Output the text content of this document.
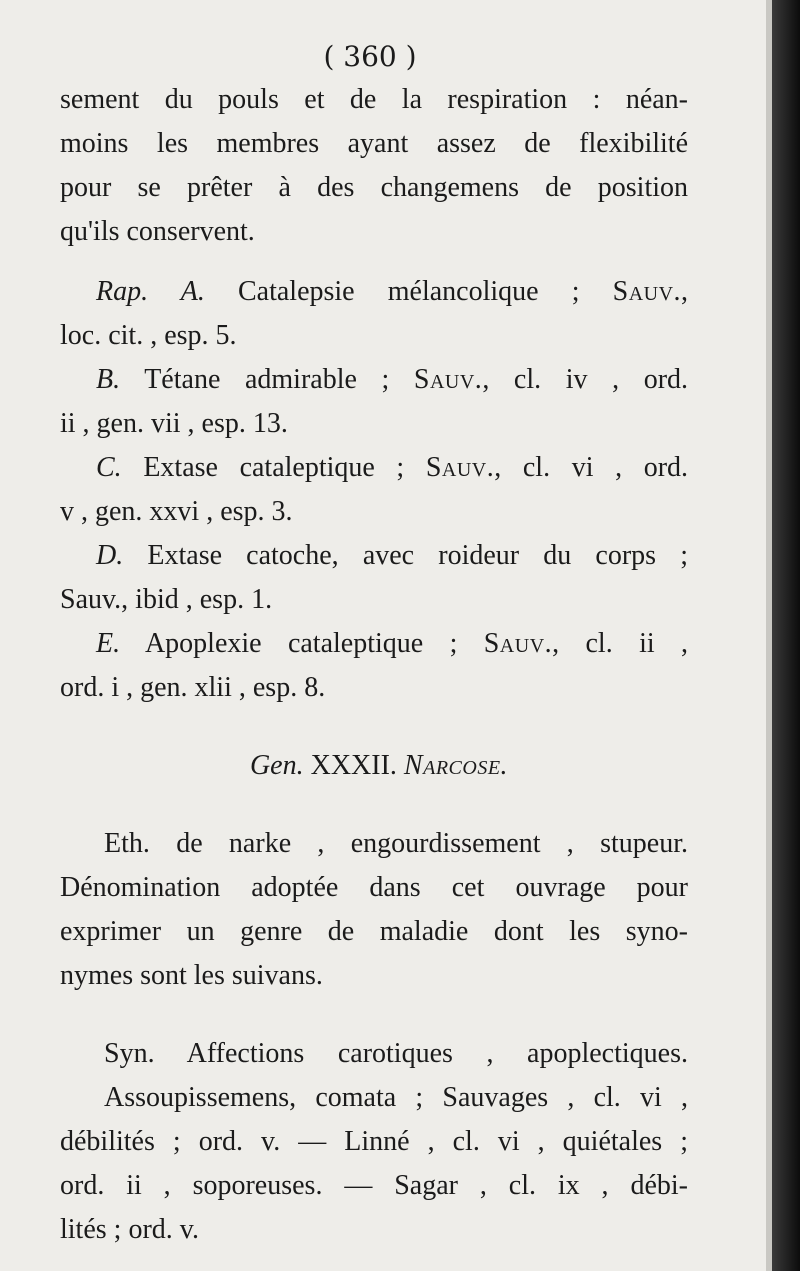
( 360 )
sement du pouls et de la respiration : néan-
moins les membres ayant assez de flexibilité
pour se prêter à des changemens de position
qu'ils conservent.
Rap. A. Catalepsie mélancolique ; Sauv.,
loc. cit. , esp. 5.
B. Tétane admirable ; Sauv., cl. iv , ord.
ii , gen. vii , esp. 13.
C. Extase cataleptique ; Sauv., cl. vi , ord.
v , gen. xxvi , esp. 3.
D. Extase catoche, avec roideur du corps ;
Sauv., ibid , esp. 1.
E. Apoplexie cataleptique ; Sauv., cl. ii ,
ord. i , gen. xlii , esp. 8.
Gen. XXXII. Narcose.
Eth. de narke , engourdissement , stupeur.
Dénomination adoptée dans cet ouvrage pour
exprimer un genre de maladie dont les syno-
nymes sont les suivans.
Syn. Affections carotiques , apoplectiques.
Assoupissemens, comata ; Sauvages , cl. vi ,
débilités ; ord. v. — Linné , cl. vi , quiétales ;
ord. ii , soporeuses. — Sagar , cl. ix , débi-
lités ; ord. v.
